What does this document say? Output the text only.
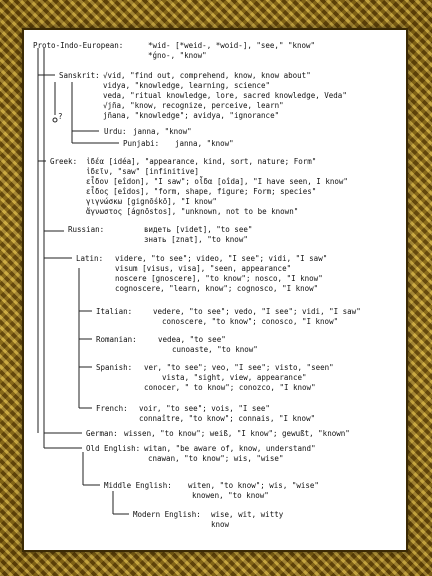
?
Proto-Indo-European:	*wid- [*weid-, *woid-], "see," "know"
*ǵno-, "know"
Sanskrit: √vid, "find out, comprehend, know, know about"
vidya, "knowledge, learning, science"
veda, "ritual knowledge, lore, sacred knowledge, Veda"
√jña, "know, recognize, perceive, learn"
jñana, "knowledge"; avidya, "ignorance"
Urdu: janna, "know"
Punjabi: janna, "know"
Greek: ἰδέα [idéa], "appearance, kind, sort, nature; Form"
ἰδεῖν, "saw" [infinitive]
εἶδον [eîdon], "I saw"; οἶδα [oîda], "I have seen, I know"
εἶδος [eîdos], "form, shape, figure; Form; species"
γιγνώσκω [gignṓskō], "I know"
ἄγνωστος [ágnōstos], "unknown, not to be known"
Russian:	видеть [videt], "to see"
знать [znat], "to know"
Latin: videre, "to see"; video, "I see"; vidi, "I saw"
visum [visus, visa], "seen, appearance"
noscere [gnoscere], "to know"; nosco, "I know"
cognoscere, "learn, know"; cognosco, "I know"
Italian:	vedere, "to see"; vedo, "I see"; vidi, "I saw"
conoscere, "to know"; conosco, "I know"
Romanian:	vedea, "to see"
cunoaste, "to know"
Spanish: ver, "to see"; veo, "I see"; visto, "seen"
vista, "sight, view, appearance"
conocer, " to know"; conozco, "I know"
French: voir, "to see"; vois, "I see"
connaître, "to know"; connais, "I know"
German: wissen, "to know"; weiß, "I know"; gewußt, "known"
Old English: witan, "be aware of, know, understand"
cnawan, "to know"; wis, "wise"
Middle English: witen, "to know"; wis, "wise"
knowen, "to know"
Modern English: wise, wit, witty
know
